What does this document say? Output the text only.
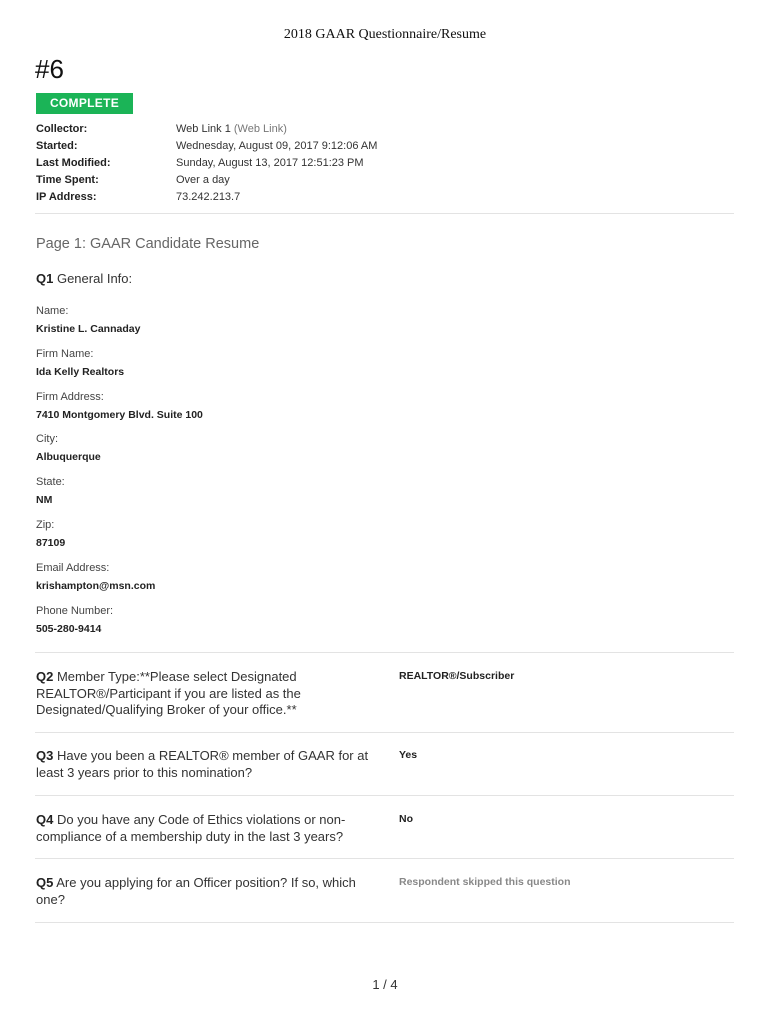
2018 GAAR Questionnaire/Resume
#6
COMPLETE
Collector:	Web Link 1 (Web Link)
Started:	Wednesday, August 09, 2017 9:12:06 AM
Last Modified:	Sunday, August 13, 2017 12:51:23 PM
Time Spent:	Over a day
IP Address:	73.242.213.7
Page 1: GAAR Candidate Resume
Q1 General Info:
Name:
Kristine L. Cannaday
Firm Name:
Ida Kelly Realtors
Firm Address:
7410 Montgomery Blvd. Suite 100
City:
Albuquerque
State:
NM
Zip:
87109
Email Address:
krishampton@msn.com
Phone Number:
505-280-9414
Q2 Member Type:**Please select Designated REALTOR®/Participant if you are listed as the Designated/Qualifying Broker of your office.**
REALTOR®/Subscriber
Q3 Have you been a REALTOR® member of GAAR for at least 3 years prior to this nomination?
Yes
Q4 Do you have any Code of Ethics violations or non-compliance of a membership duty in the last 3 years?
No
Q5 Are you applying for an Officer position? If so, which one?
Respondent skipped this question
1 / 4
